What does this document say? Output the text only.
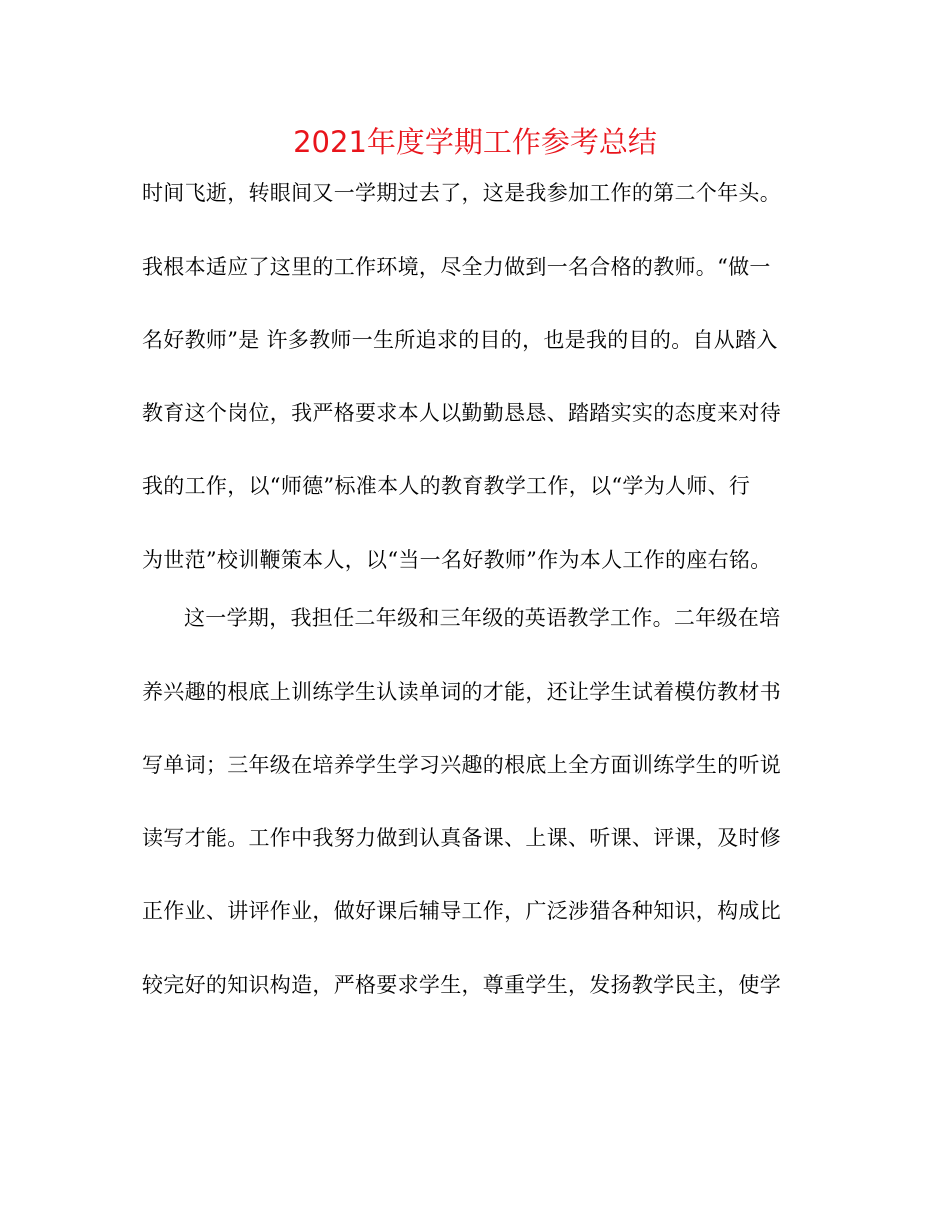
2021年度学期工作参考总结
时间飞逝，转眼间又一学期过去了，这是我参加工作的第二个年头。
我根本适应了这里的工作环境，尽全力做到一名合格的教师。“做一
名好教师”是 许多教师一生所追求的目的，也是我的目的。自从踏入
教育这个岗位，我严格要求本人以勤勤恳恳、踏踏实实的态度来对待
我的工作，以“师德”标准本人的教育教学工作，以“学为人师、行
为世范”校训鞭策本人，以“当一名好教师”作为本人工作的座右铭。
这一学期，我担任二年级和三年级的英语教学工作。二年级在培
养兴趣的根底上训练学生认读单词的才能，还让学生试着模仿教材书
写单词；三年级在培养学生学习兴趣的根底上全方面训练学生的听说
读写才能。工作中我努力做到认真备课、上课、听课、评课，及时修
正作业、讲评作业，做好课后辅导工作，广泛涉猎各种知识，构成比
较完好的知识构造，严格要求学生，尊重学生，发扬教学民主，使学
